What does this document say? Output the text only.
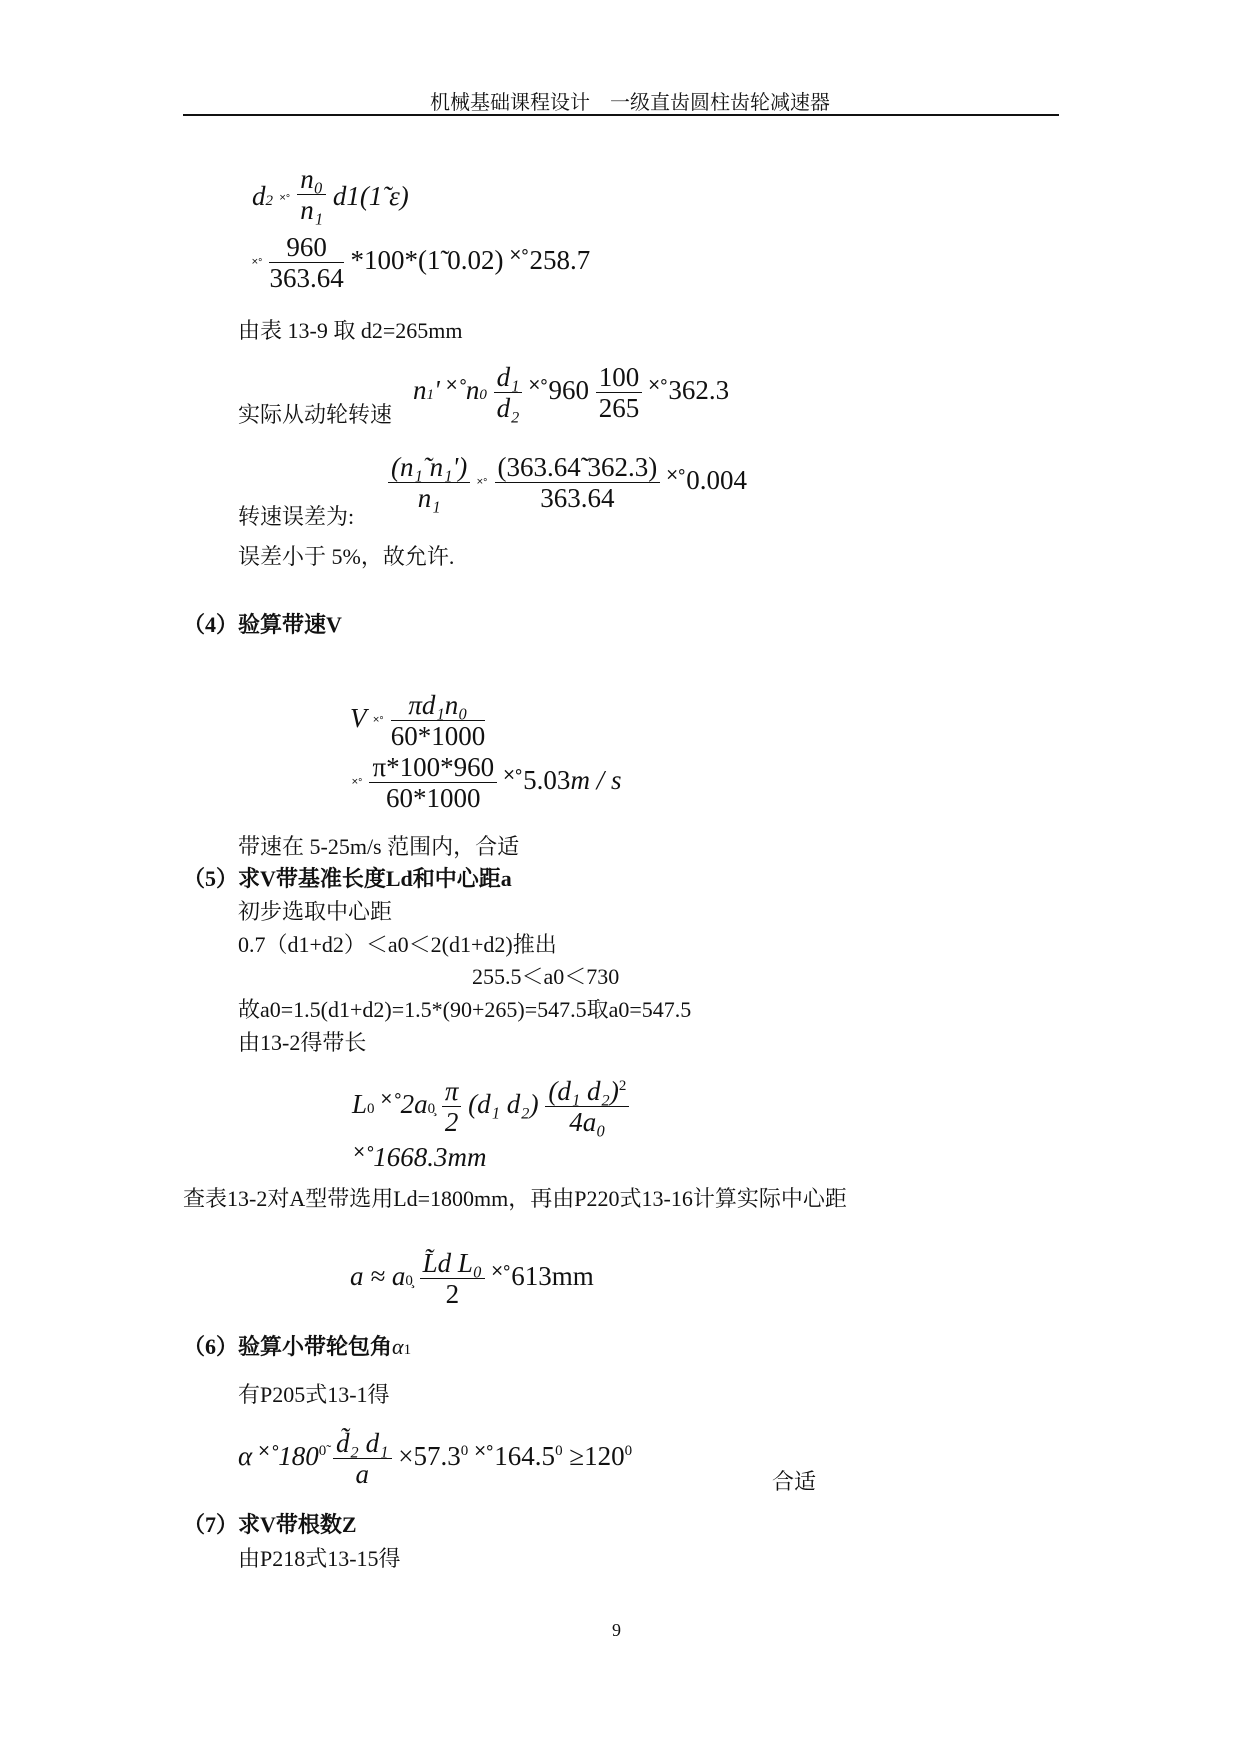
机械基础课程设计　一级直齿圆柱齿轮减速器
d2 ˟˚ $\frac{\text{n₀}}{\text{n₁}}$ d1(1̃ ε)
˟˚ $\frac{960}{363.64}$ *100*(1̃ 0.02) ˟˚258.7
由表 13-9 取 d2=265mm
n1' ˟˚n0 $\frac{\text{d₁}}{\text{d₂}}$ ˟˚960 $\frac{100}{265}$ ˟˚362.3
实际从动轮转速
$\frac{\text{(n₁̃ n₁')}}{\text{n₁}}$ ˟˚ $\frac{(363.64̃ 362.3)}{363.64}$ ˟˚0.004
转速误差为:
误差小于 5%，故允许.
（4）验算带速V
V ˟˚ $\frac{\text{πd₁n₀}}{60*1000}$
˟˚ $\frac{\pi*100*960}{60*1000}$ ˟˚5.03m / s
带速在 5-25m/s 范围内，合适
（5）求V带基准长度Ld和中心距a
初步选取中心距
0.7（d1+d2）＜a0＜2(d1+d2)推出
255.5＜a0＜730
故a0=1.5(d1+d2)=1.5*(90+265)=547.5取a0=547.5
由13-2得带长
L0 ˟˚2a0̧ $\frac{\pi}{2} (d_1$ $d_2) \frac{(d_1 d_2)^2}{\text{4a₀}}$
˟˚1668.3mm
查表13-2对A型带选用Ld=1800mm，再由P220式13-16计算实际中心距
a ≈ a0̧ $\frac{\text{L̃d L₀}}{2}$ ˟˚613mm
（6）验算小带轮包角α1
有P205式13-1得
α $˟˚180^{0̃} \frac{\text{d̃₂ d₁}}{a} \times 57.3^0$ $˟˚164.5^0 \ge 120^0$
合适
（7）求V带根数Z
由P218式13-15得
9
